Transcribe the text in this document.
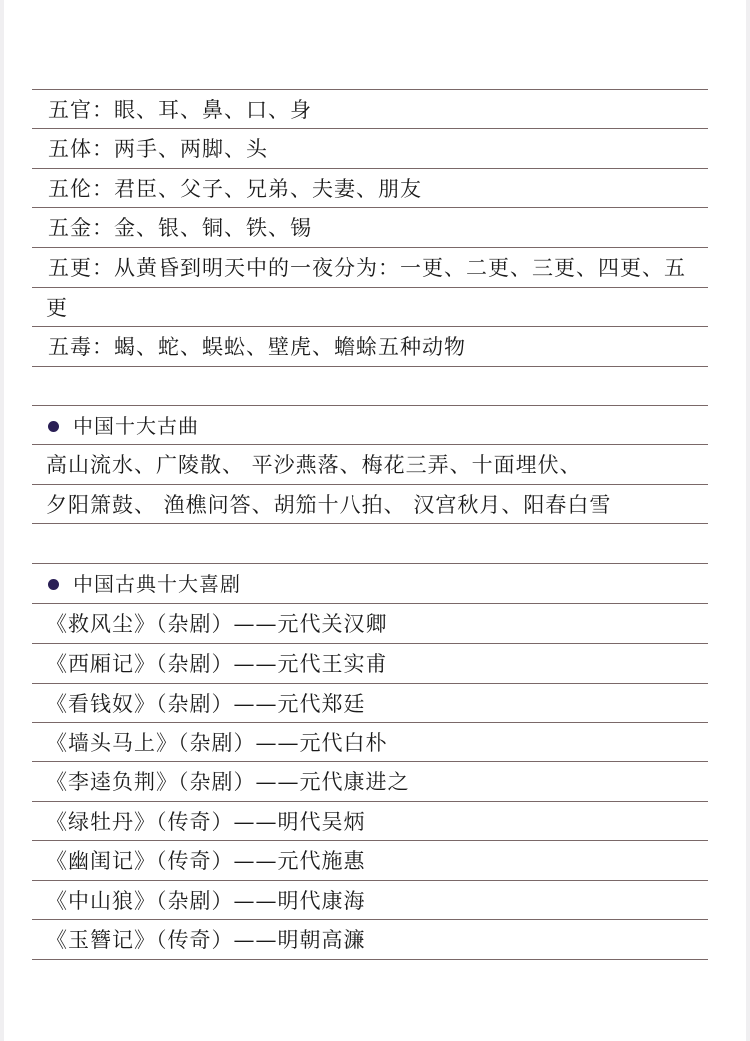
五官：眼、耳、鼻、口、身
五体：两手、两脚、头
五伦：君臣、父子、兄弟、夫妻、朋友
五金：金、银、铜、铁、锡
五更：从黄昏到明天中的一夜分为：一更、二更、三更、四更、五
更
五毒：蝎、蛇、蜈蚣、壁虎、蟾蜍五种动物
中国十大古曲
高山流水、广陵散、 平沙燕落、梅花三弄、十面埋伏、
夕阳箫鼓、 渔樵问答、胡笳十八拍、 汉宫秋月、阳春白雪
中国古典十大喜剧
《救风尘》（杂剧）——元代关汉卿
《西厢记》（杂剧）——元代王实甫
《看钱奴》（杂剧）——元代郑廷
《墙头马上》（杂剧）——元代白朴
《李逵负荆》（杂剧）——元代康进之
《绿牡丹》（传奇）——明代吴炳
《幽闺记》（传奇）——元代施惠
《中山狼》（杂剧）——明代康海
《玉簪记》（传奇）——明朝高濂
